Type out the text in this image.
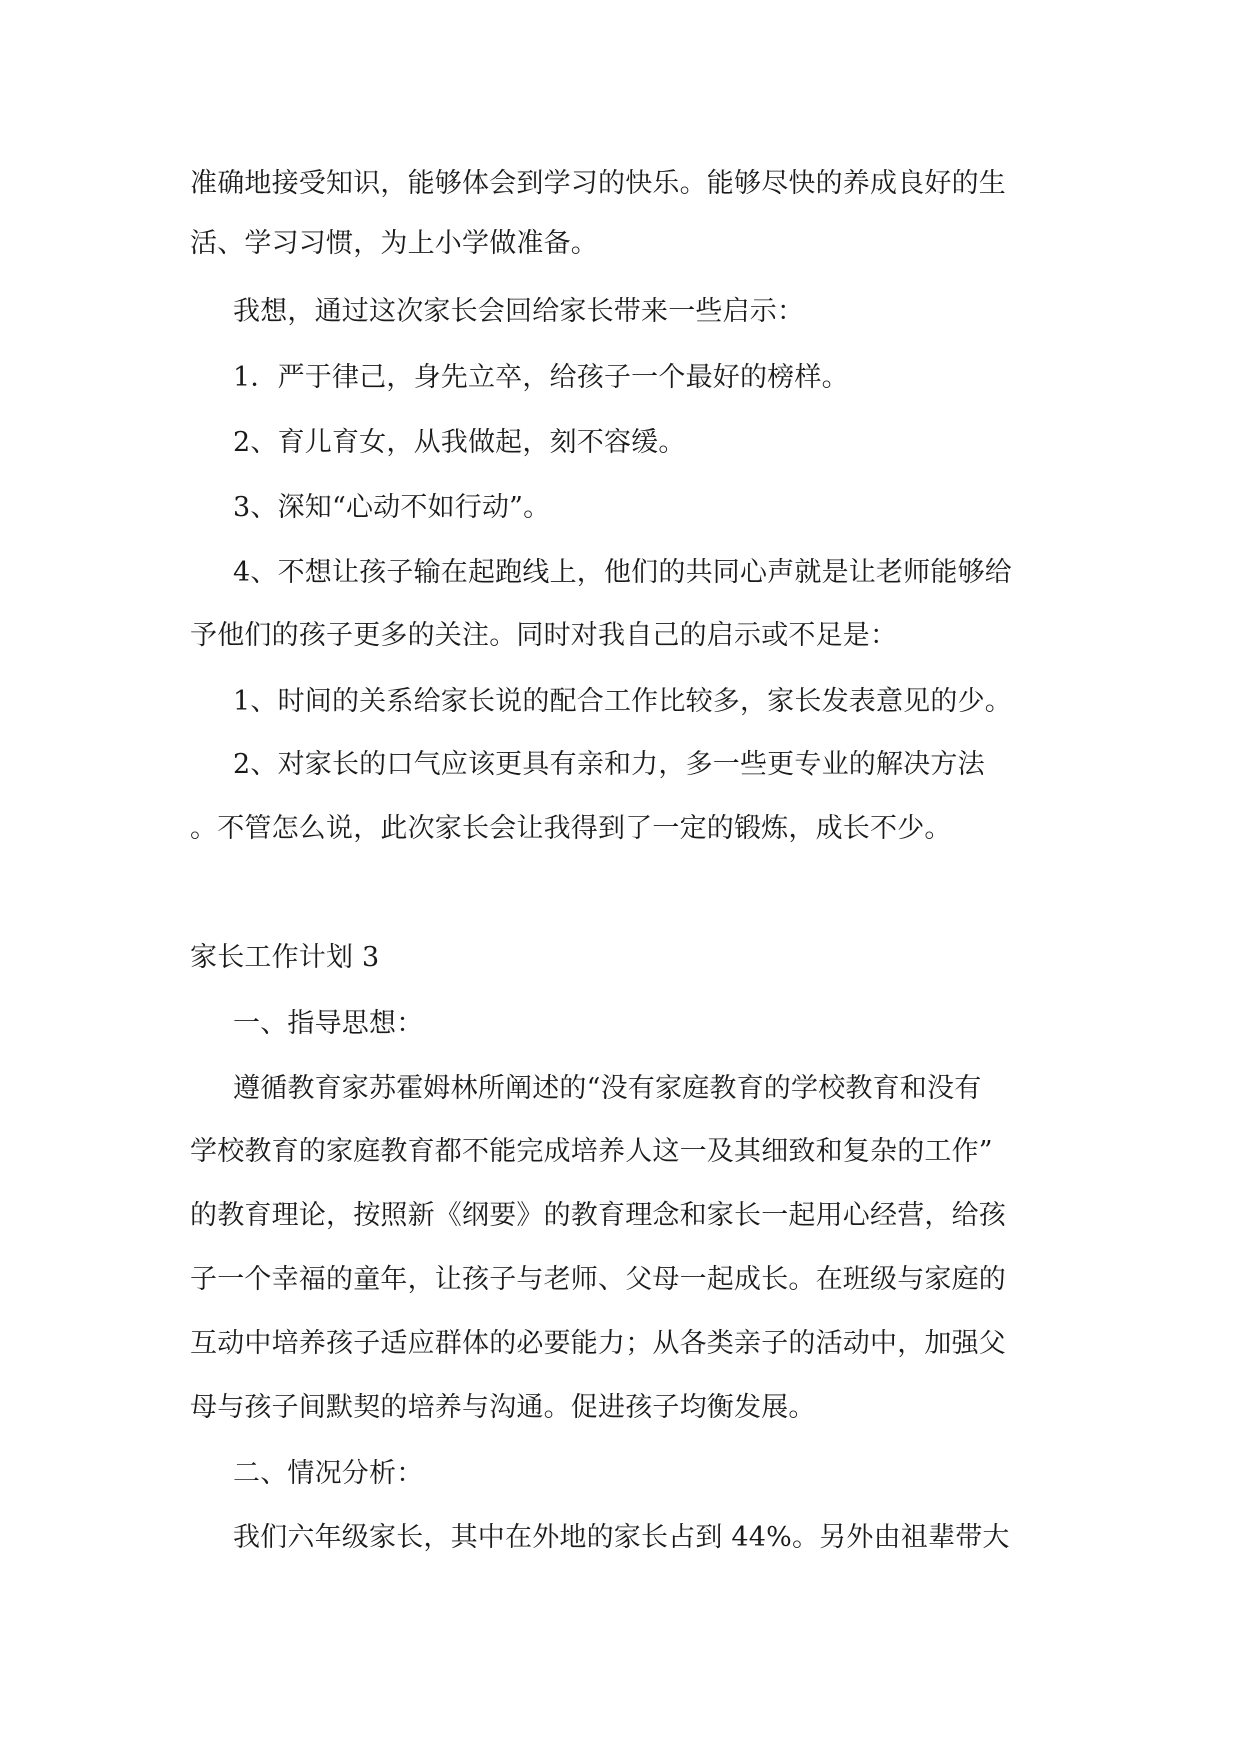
准确地接受知识，能够体会到学习的快乐。能够尽快的养成良好的生
活、学习习惯，为上小学做准备。
我想，通过这次家长会回给家长带来一些启示：
1．严于律己，身先立卒，给孩子一个最好的榜样。
2、育儿育女，从我做起，刻不容缓。
3、深知“心动不如行动”。
4、不想让孩子输在起跑线上，他们的共同心声就是让老师能够给
予他们的孩子更多的关注。同时对我自己的启示或不足是：
1、时间的关系给家长说的配合工作比较多，家长发表意见的少。
2、对家长的口气应该更具有亲和力，多一些更专业的解决方法
。不管怎么说，此次家长会让我得到了一定的锻炼，成长不少。
家长工作计划 3
一、指导思想：
遵循教育家苏霍姆林所阐述的“没有家庭教育的学校教育和没有
学校教育的家庭教育都不能完成培养人这一及其细致和复杂的工作”
的教育理论，按照新《纲要》的教育理念和家长一起用心经营，给孩
子一个幸福的童年，让孩子与老师、父母一起成长。在班级与家庭的
互动中培养孩子适应群体的必要能力；从各类亲子的活动中，加强父
母与孩子间默契的培养与沟通。促进孩子均衡发展。
二、情况分析：
我们六年级家长，其中在外地的家长占到 44%。另外由祖辈带大
